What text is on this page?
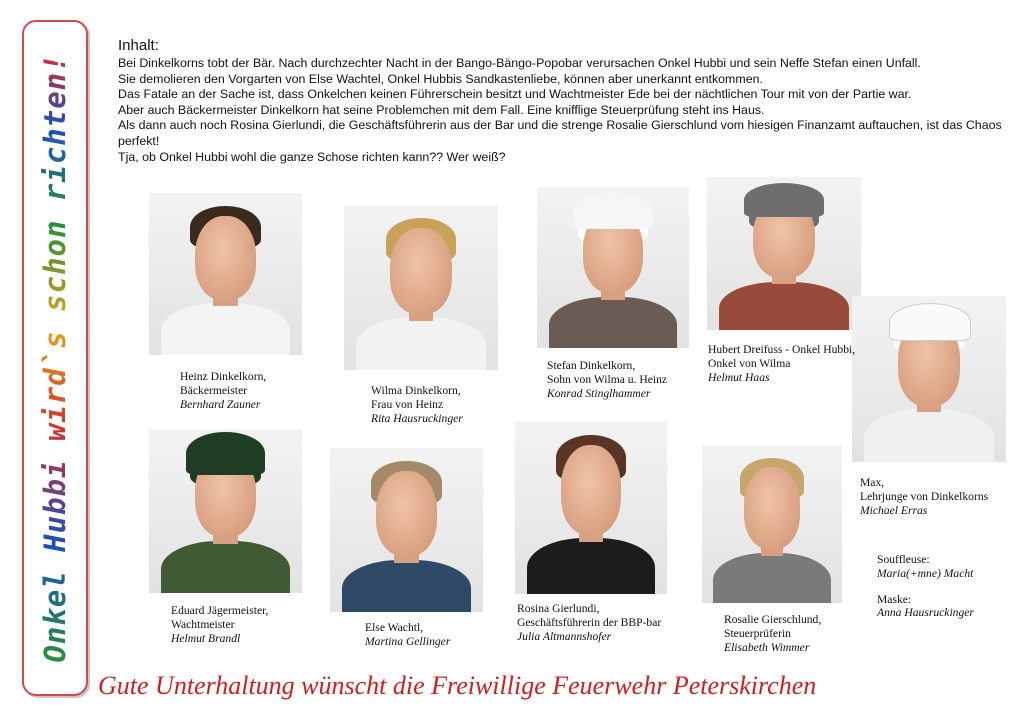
Onkel Hubbi wird`s schon richten!
Inhalt:

Bei Dinkelkorns tobt der Bär. Nach durchzechter Nacht in der Bango-Bängo-Popobar verursachen Onkel Hubbi und sein Neffe Stefan einen Unfall.

Sie demolieren den Vorgarten von Else Wachtel, Onkel Hubbis Sandkastenliebe, können aber unerkannt entkommen.

Das Fatale an der Sache ist, dass Onkelchen keinen Führerschein besitzt und Wachtmeister Ede bei der nächtlichen Tour mit von der Partie war.

Aber auch Bäckermeister Dinkelkorn hat seine Problemchen mit dem Fall. Eine knifflige Steuerprüfung steht ins Haus.

Als dann auch noch Rosina Gierlundi, die Geschäftsführerin aus der Bar und die strenge Rosalie Gierschlund vom hiesigen Finanzamt auftauchen, ist das Chaos perfekt!

Tja, ob Onkel Hubbi wohl die ganze Schose richten kann?? Wer weiß?

Heinz Dinkelkorn,
Bäckermeister
Bernhard Zauner
Wilma Dinkelkorn,
Frau von Heinz
Rita Hausruckinger
Stefan Dinkelkorn,
Sohn von Wilma u. Heinz
Konrad Stinglhammer
Hubert Dreifuss - Onkel Hubbi,
Onkel von Wilma
Helmut Haas
Max,
Lehrjunge von Dinkelkorns
Michael Erras
Eduard Jägermeister,
Wachtmeister
Helmut Brandl
Else Wachtl,
Martina Gellinger
Rosina Gierlundi,
Geschäftsführerin der BBP-bar
Julia Altmannshofer
Rosalie Gierschlund,
Steuerprüferin
Elisabeth Wimmer
Souffleuse:
Maria(+mne) Macht
Maske:
Anna Hausruckinger
Gute Unterhaltung wünscht die Freiwillige Feuerwehr Peterskirchen
